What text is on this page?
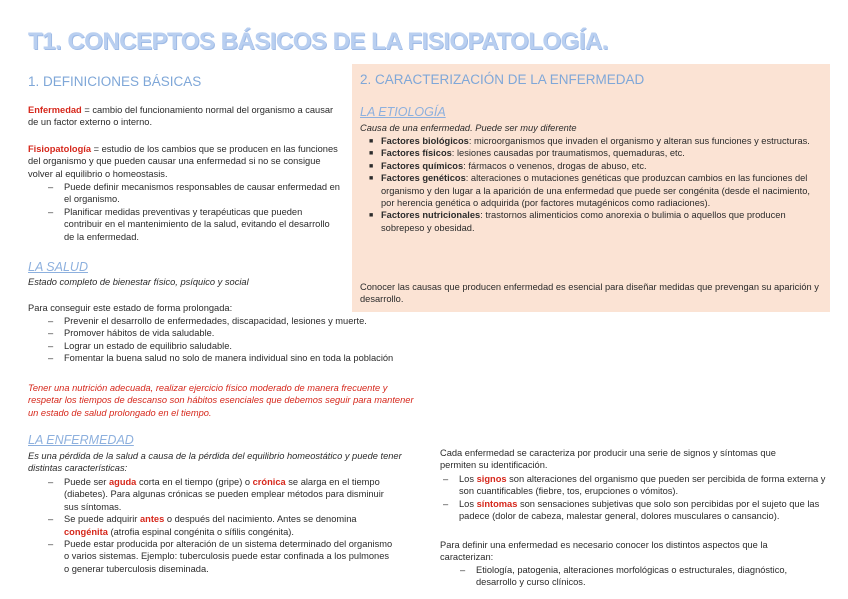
T1. CONCEPTOS BÁSICOS DE LA FISIOPATOLOGÍA.
1. DEFINICIONES BÁSICAS
Enfermedad = cambio del funcionamiento normal del organismo a causar de un factor externo o interno.
Fisiopatología = estudio de los cambios que se producen en las funciones del organismo y que pueden causar una enfermedad si no se consigue volver al equilibrio o homeostasis.
– Puede definir mecanismos responsables de causar enfermedad en el organismo.
– Planificar medidas preventivas y terapéuticas que pueden contribuir en el mantenimiento de la salud, evitando el desarrollo de la enfermedad.
LA SALUD
Estado completo de bienestar físico, psíquico y social
Para conseguir este estado de forma prolongada:
– Prevenir el desarrollo de enfermedades, discapacidad, lesiones y muerte.
– Promover hábitos de vida saludable.
– Lograr un estado de equilibrio saludable.
– Fomentar la buena salud no solo de manera individual sino en toda la población
Tener una nutrición adecuada, realizar ejercicio físico moderado de manera frecuente y respetar los tiempos de descanso son hábitos esenciales que debemos seguir para mantener un estado de salud prolongado en el tiempo.
LA ENFERMEDAD
Es una pérdida de la salud a causa de la pérdida del equilibrio homeostático y puede tener distintas características:
– Puede ser aguda corta en el tiempo (gripe) o crónica se alarga en el tiempo (diabetes). Para algunas crónicas se pueden emplear métodos para disminuir sus síntomas.
– Se puede adquirir antes o después del nacimiento. Antes se denomina congénita (atrofia espinal congénita o sífilis congénita).
– Puede estar producida por alteración de un sistema determinado del organismo o varios sistemas. Ejemplo: tuberculosis puede estar confinada a los pulmones o generar tuberculosis diseminada.
2. CARACTERIZACIÓN DE LA ENFERMEDAD
LA ETIOLOGÍA
Causa de una enfermedad. Puede ser muy diferente
■ Factores biológicos: microorganismos que invaden el organismo y alteran sus funciones y estructuras.
■ Factores físicos: lesiones causadas por traumatismos, quemaduras, etc.
■ Factores químicos: fármacos o venenos, drogas de abuso, etc.
■ Factores genéticos: alteraciones o mutaciones genéticas que produzcan cambios en las funciones del organismo y den lugar a la aparición de una enfermedad que puede ser congénita (desde el nacimiento, por herencia genética o adquirida (por factores mutagénicos como radiaciones).
■ Factores nutricionales: trastornos alimenticios como anorexia o bulimia o aquellos que producen sobrepeso y obesidad.
Conocer las causas que producen enfermedad es esencial para diseñar medidas que prevengan su aparición y desarrollo.
Cada enfermedad se caracteriza por producir una serie de signos y síntomas que permiten su identificación.
– Los signos son alteraciones del organismo que pueden ser percibida de forma externa y son cuantificables (fiebre, tos, erupciones o vómitos).
– Los síntomas son sensaciones subjetivas que solo son percibidas por el sujeto que las padece (dolor de cabeza, malestar general, dolores musculares o cansancio).
Para definir una enfermedad es necesario conocer los distintos aspectos que la caracterizan:
– Etiología, patogenia, alteraciones morfológicas o estructurales, diagnóstico, desarrollo y curso clínicos.
